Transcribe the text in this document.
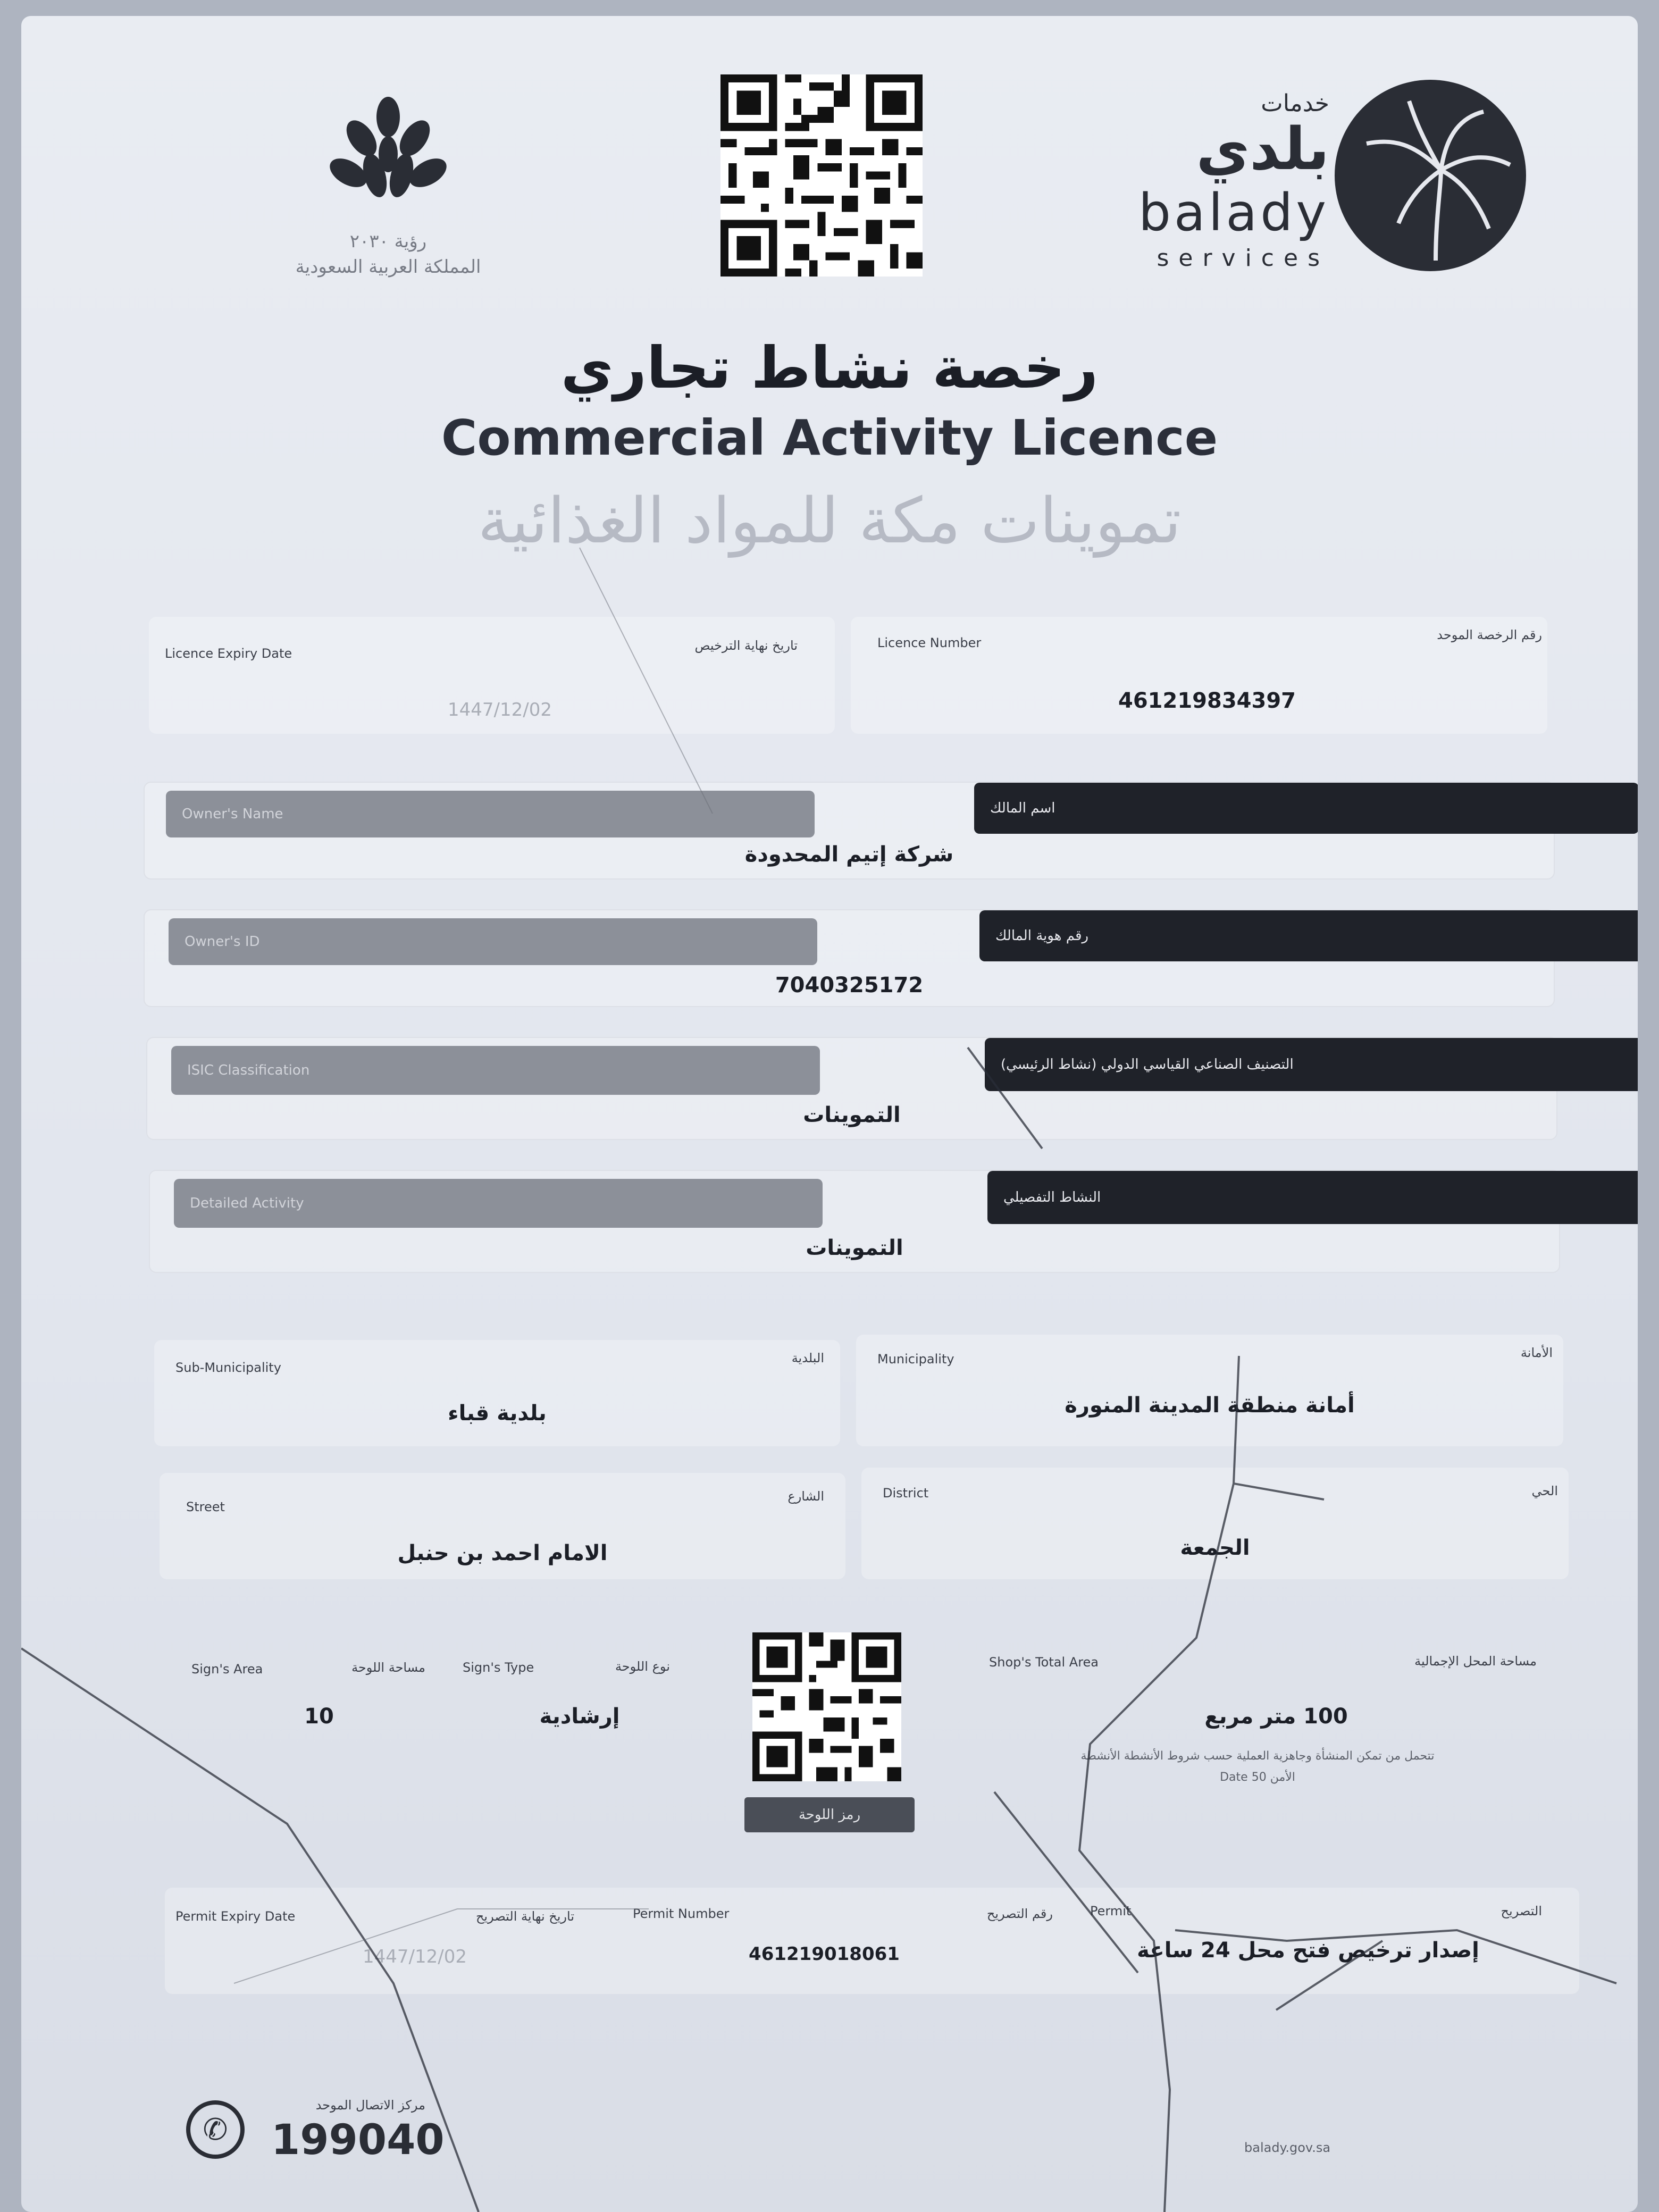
رؤية ٢٠٣٠
المملكة العربية السعودية
خدمات
بلدي
balady
services
رخصة نشاط تجاري
Commercial Activity Licence
تموينات مكة للمواد الغذائية
رقم الرخصة الموحد
Licence Number
461219834397
تاريخ نهاية الترخيص
Licence Expiry Date
1447/12/02
Owner's Name	اسم المالك
شركة إتيم المحدودة
Owner's ID	رقم هوية المالك
7040325172
ISIC Classification	التصنيف الصناعي القياسي الدولي (نشاط الرئيسي)
التموينات
Detailed Activity	النشاط التفصيلي
التموينات
الأمانة
Municipality
أمانة منطقة المدينة المنورة
البلدية
Sub-Municipality
بلدية قباء
الحي
District
الجمعة
الشارع
Street
الامام احمد بن حنبل
مساحة المحل الإجمالية
Shop's Total Area
100 متر مربع
تتحمل من تمكن المنشأة وجاهزية العملية حسب شروط الأنشطة الأنشطة
الأمن 50 Date
رمز اللوحة
نوع اللوحة
Sign's Type
إرشادية
مساحة اللوحة
Sign's Area
10
التصريح
Permit
إصدار ترخيص فتح محل 24 ساعة
رقم التصريح
Permit Number
461219018061
تاريخ نهاية التصريح
Permit Expiry Date
1447/12/02
✆
مركز الاتصال الموحد
199040	balady.gov.sa
